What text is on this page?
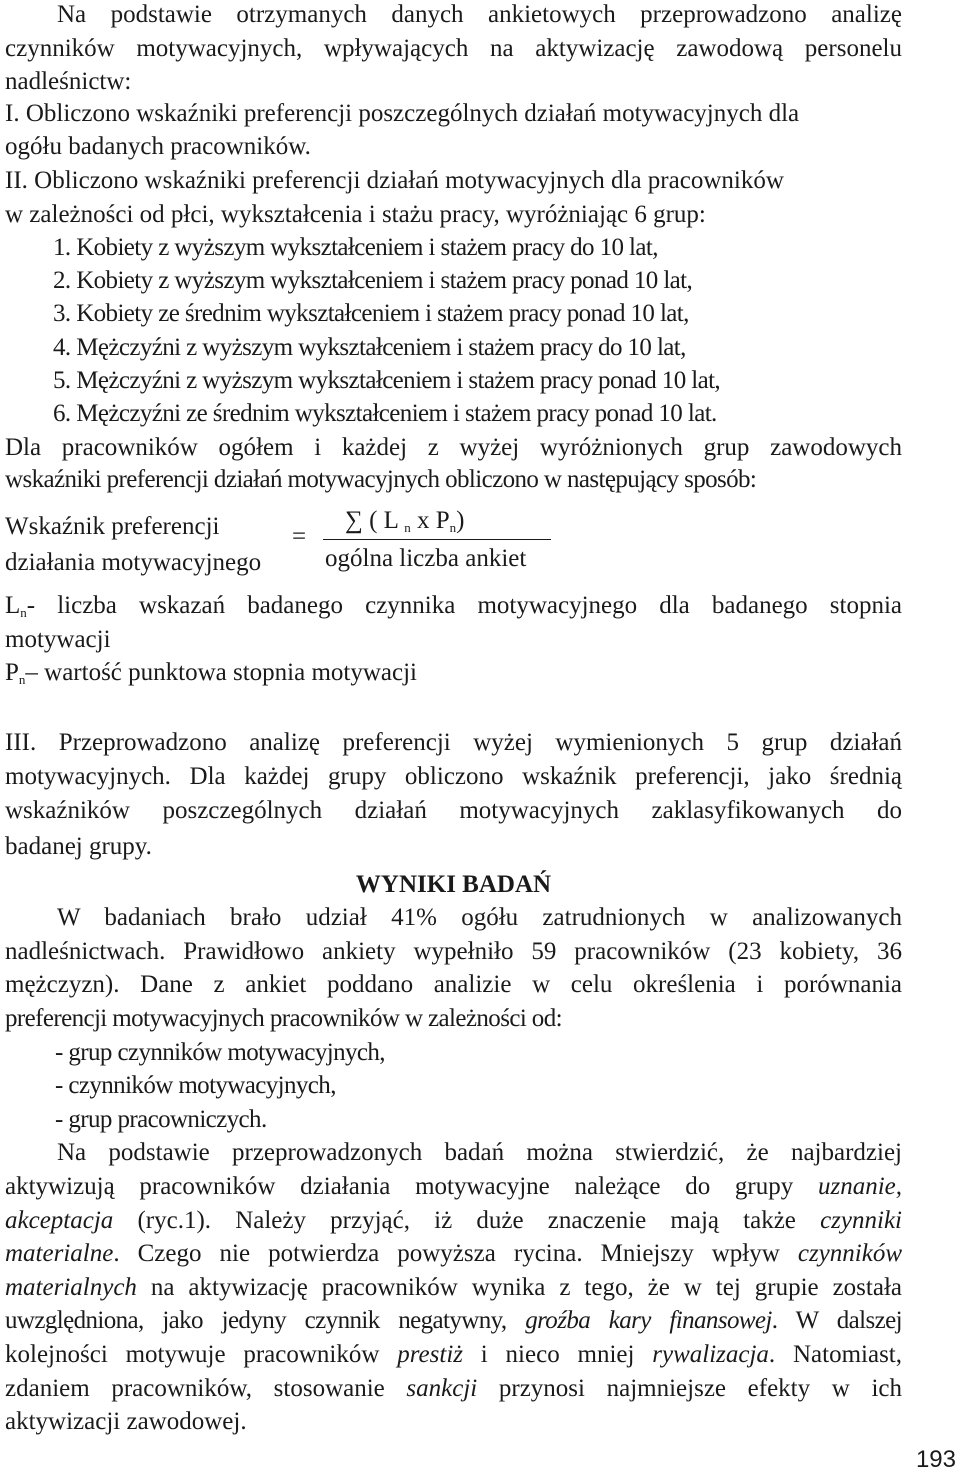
Na podstawie otrzymanych danych ankietowych przeprowadzono analizę
czynników motywacyjnych, wpływających na aktywizację zawodową personelu
nadleśnictw:
I. Obliczono wskaźniki preferencji poszczególnych działań motywacyjnych dla
ogółu badanych pracowników.
II. Obliczono wskaźniki preferencji działań motywacyjnych dla pracowników
w zależności od płci, wykształcenia i stażu pracy, wyróżniając 6 grup:
1. Kobiety z wyższym wykształceniem i stażem pracy do 10 lat,
2. Kobiety z wyższym wykształceniem i stażem pracy ponad 10 lat,
3. Kobiety ze średnim wykształceniem i stażem pracy ponad 10 lat,
4. Mężczyźni z wyższym wykształceniem i stażem pracy do 10 lat,
5. Mężczyźni z wyższym wykształceniem i stażem pracy ponad 10 lat,
6. Mężczyźni ze średnim wykształceniem i stażem pracy ponad 10 lat.
Dla pracowników ogółem i każdej z wyżej wyróżnionych grup zawodowych
wskaźniki preferencji działań motywacyjnych obliczono w następujący sposób:
Wskaźnik preferencji
działania motywacyjnego
=
∑ ( L $_n$ x $P_n$)
ogólna liczba ankiet
$L_n-$ liczba wskazań badanego czynnika motywacyjnego dla badanego stopnia
motywacji
$P_n-$ wartość punktowa stopnia motywacji
III. Przeprowadzono analizę preferencji wyżej wymienionych 5 grup działań
motywacyjnych. Dla każdej grupy obliczono wskaźnik preferencji, jako średnią
wskaźników poszczególnych działań motywacyjnych zaklasyfikowanych do
badanej grupy.
WYNIKI BADAŃ
W badaniach brało udział 41% ogółu zatrudnionych w analizowanych
nadleśnictwach. Prawidłowo ankiety wypełniło 59 pracowników (23 kobiety, 36
mężczyzn). Dane z ankiet poddano analizie w celu określenia i porównania
preferencji motywacyjnych pracowników w zależności od:
- grup czynników motywacyjnych,
- czynników motywacyjnych,
- grup pracowniczych.
Na podstawie przeprowadzonych badań można stwierdzić, że najbardziej
aktywizują pracowników działania motywacyjne należące do grupy uznanie,
akceptacja (ryc.1). Należy przyjąć, iż duże znaczenie mają także czynniki
materialne. Czego nie potwierdza powyższa rycina. Mniejszy wpływ czynników
materialnych na aktywizację pracowników wynika z tego, że w tej grupie została
uwzględniona, jako jedyny czynnik negatywny, groźba kary finansowej. W dalszej
kolejności motywuje pracowników prestiż i nieco mniej rywalizacja. Natomiast,
zdaniem pracowników, stosowanie sankcji przynosi najmniejsze efekty w ich
aktywizacji zawodowej.
193
